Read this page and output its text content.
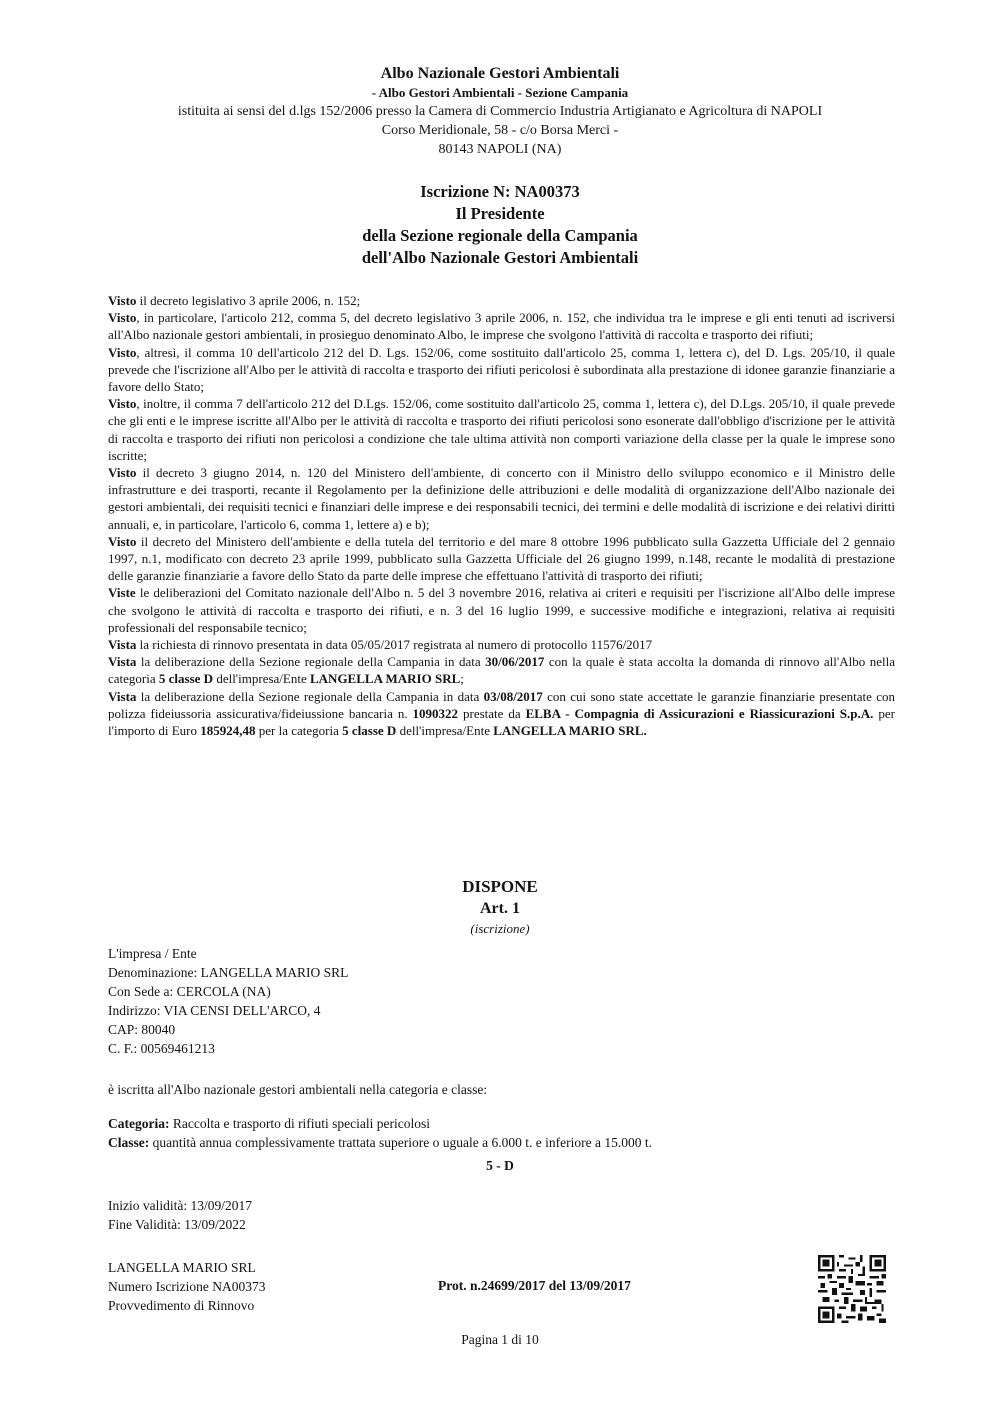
Albo Nazionale Gestori Ambientali
- Albo Gestori Ambientali - Sezione Campania
istituita ai sensi del d.lgs 152/2006 presso la Camera di Commercio Industria Artigianato e Agricoltura di NAPOLI
Corso Meridionale, 58 - c/o Borsa Merci -
80143 NAPOLI (NA)
Iscrizione N: NA00373
Il Presidente
della Sezione regionale della Campania
dell'Albo Nazionale Gestori Ambientali

Visto il decreto legislativo 3 aprile 2006, n. 152;

Visto, in particolare, l'articolo 212, comma 5, del decreto legislativo 3 aprile 2006, n. 152, che individua tra le imprese e gli enti tenuti ad iscriversi all'Albo nazionale gestori ambientali, in prosieguo denominato Albo, le imprese che svolgono l'attività di raccolta e trasporto dei rifiuti;

Visto, altresì, il comma 10 dell'articolo 212 del D. Lgs. 152/06, come sostituito dall'articolo 25, comma 1, lettera c), del D. Lgs. 205/10, il quale prevede che l'iscrizione all'Albo per le attività di raccolta e trasporto dei rifiuti pericolosi è subordinata alla prestazione di idonee garanzie finanziarie a favore dello Stato;

Visto, inoltre, il comma 7 dell'articolo 212 del D.Lgs. 152/06, come sostituito dall'articolo 25, comma 1, lettera c), del D.Lgs. 205/10, il quale prevede che gli enti e le imprese iscritte all'Albo per le attività di raccolta e trasporto dei rifiuti pericolosi sono esonerate dall'obbligo d'iscrizione per le attività di raccolta e trasporto dei rifiuti non pericolosi a condizione che tale ultima attività non comporti variazione della classe per la quale le imprese sono iscritte;

Visto il decreto 3 giugno 2014, n. 120 del Ministero dell'ambiente, di concerto con il Ministro dello sviluppo economico e il Ministro delle infrastrutture e dei trasporti, recante il Regolamento per la definizione delle attribuzioni e delle modalità di organizzazione dell'Albo nazionale dei gestori ambientali, dei requisiti tecnici e finanziari delle imprese e dei responsabili tecnici, dei termini e delle modalità di iscrizione e dei relativi diritti annuali, e, in particolare, l'articolo 6, comma 1, lettere a) e b);

Visto il decreto del Ministero dell'ambiente e della tutela del territorio e del mare 8 ottobre 1996 pubblicato sulla Gazzetta Ufficiale del 2 gennaio 1997, n.1, modificato con decreto 23 aprile 1999, pubblicato sulla Gazzetta Ufficiale del 26 giugno 1999, n.148, recante le modalità di prestazione delle garanzie finanziarie a favore dello Stato da parte delle imprese che effettuano l'attività di trasporto dei rifiuti;

Viste le deliberazioni del Comitato nazionale dell'Albo n. 5 del 3 novembre 2016, relativa ai criteri e requisiti per l'iscrizione all'Albo delle imprese che svolgono le attività di raccolta e trasporto dei rifiuti, e n. 3 del 16 luglio 1999, e successive modifiche e integrazioni, relativa ai requisiti professionali del responsabile tecnico;

Vista la richiesta di rinnovo presentata in data 05/05/2017 registrata al numero di protocollo 11576/2017

Vista la deliberazione della Sezione regionale della Campania in data 30/06/2017 con la quale è stata accolta la domanda di rinnovo all'Albo nella categoria 5 classe D dell'impresa/Ente LANGELLA MARIO SRL;

Vista la deliberazione della Sezione regionale della Campania in data 03/08/2017 con cui sono state accettate le garanzie finanziarie presentate con polizza fideiussoria assicurativa/fideiussione bancaria n. 1090322 prestate da ELBA - Compagnia di Assicurazioni e Riassicurazioni S.p.A. per l'importo di Euro 185924,48 per la categoria 5 classe D dell'impresa/Ente LANGELLA MARIO SRL.

DISPONE
Art. 1
(iscrizione)
L'impresa / Ente
Denominazione: LANGELLA MARIO SRL
Con Sede a: CERCOLA (NA)
Indirizzo: VIA CENSI DELL'ARCO, 4
CAP: 80040
C. F.: 00569461213
è iscritta all'Albo nazionale gestori ambientali nella categoria e classe:
Categoria: Raccolta e trasporto di rifiuti speciali pericolosi
Classe: quantità annua complessivamente trattata superiore o uguale a 6.000 t. e inferiore a 15.000 t.
5 - D
Inizio validità: 13/09/2017
Fine Validità: 13/09/2022
LANGELLA MARIO SRL
Numero Iscrizione NA00373
Provvedimento di Rinnovo
Prot. n.24699/2017 del 13/09/2017
Pagina 1 di 10
